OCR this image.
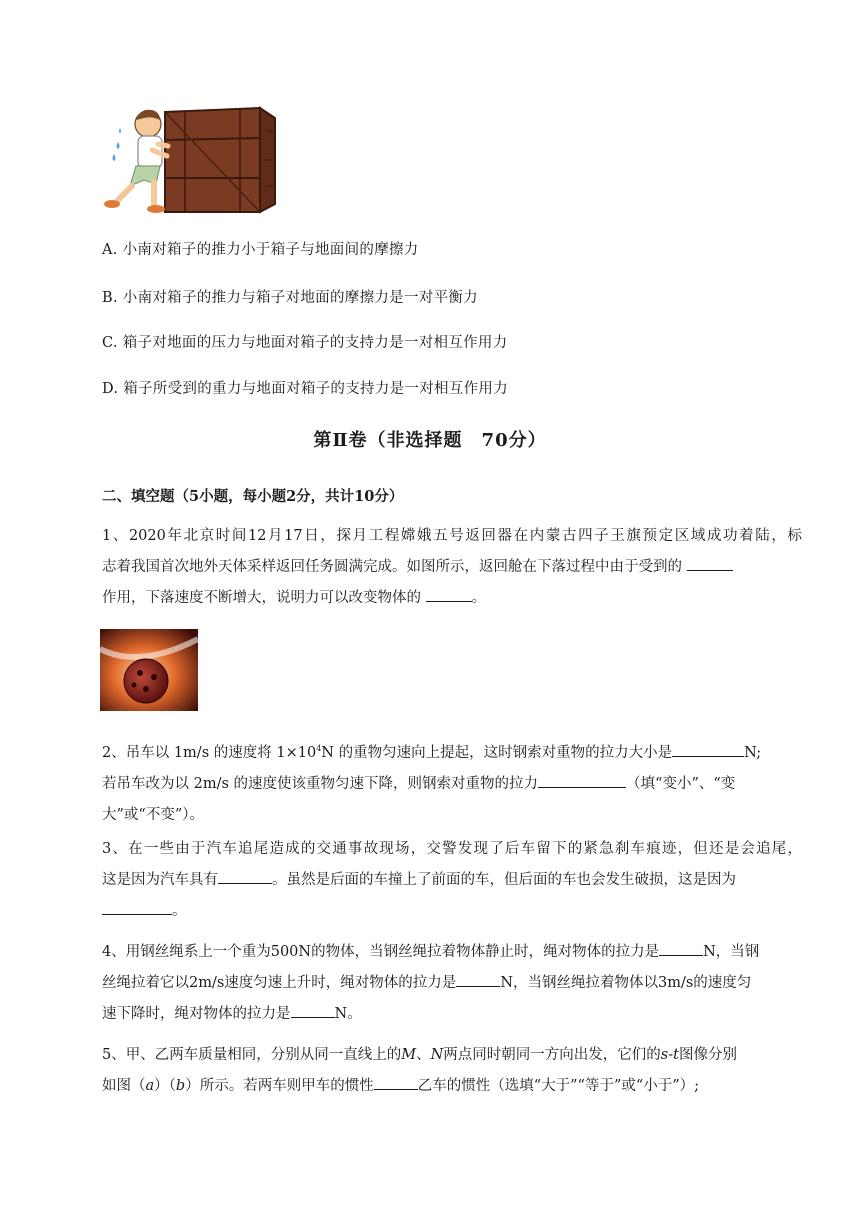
A. 小南对箱子的推力小于箱子与地面间的摩擦力
B. 小南对箱子的推力与箱子对地面的摩擦力是一对平衡力
C. 箱子对地面的压力与地面对箱子的支持力是一对相互作用力
D. 箱子所受到的重力与地面对箱子的支持力是一对相互作用力
第Ⅱ卷（非选择题　70分）
二、填空题（5小题，每小题2分，共计10分）
1、2020年北京时间12月17日，探月工程嫦娥五号返回器在内蒙古四子王旗预定区域成功着陆，标
志着我国首次地外天体采样返回任务圆满完成。如图所示，返回舱在下落过程中由于受到的
作用，下落速度不断增大，说明力可以改变物体的	。
2、吊车以 1m/s 的速度将 $1\times 10^4N$ 的重物匀速向上提起，这时钢索对重物的拉力大小是	N;
若吊车改为以 2m/s 的速度使该重物匀速下降，则钢索对重物的拉力	（填“变小”、“变
大”或“不变”）。
3、在一些由于汽车追尾造成的交通事故现场，交警发现了后车留下的紧急刹车痕迹，但还是会追尾，
这是因为汽车具有	。虽然是后面的车撞上了前面的车，但后面的车也会发生破损，这是因为
。
4、用钢丝绳系上一个重为500N的物体，当钢丝绳拉着物体静止时，绳对物体的拉力是	N，当钢
丝绳拉着它以2m/s速度匀速上升时，绳对物体的拉力是	N，当钢丝绳拉着物体以3m/s的速度匀
速下降时，绳对物体的拉力是	N。
5、甲、乙两车质量相同，分别从同一直线上的M、N两点同时朝同一方向出发，它们的s-t图像分别
如图（a）（b）所示。若两车则甲车的惯性	乙车的惯性（选填“大于”“等于”或“小于”）;
